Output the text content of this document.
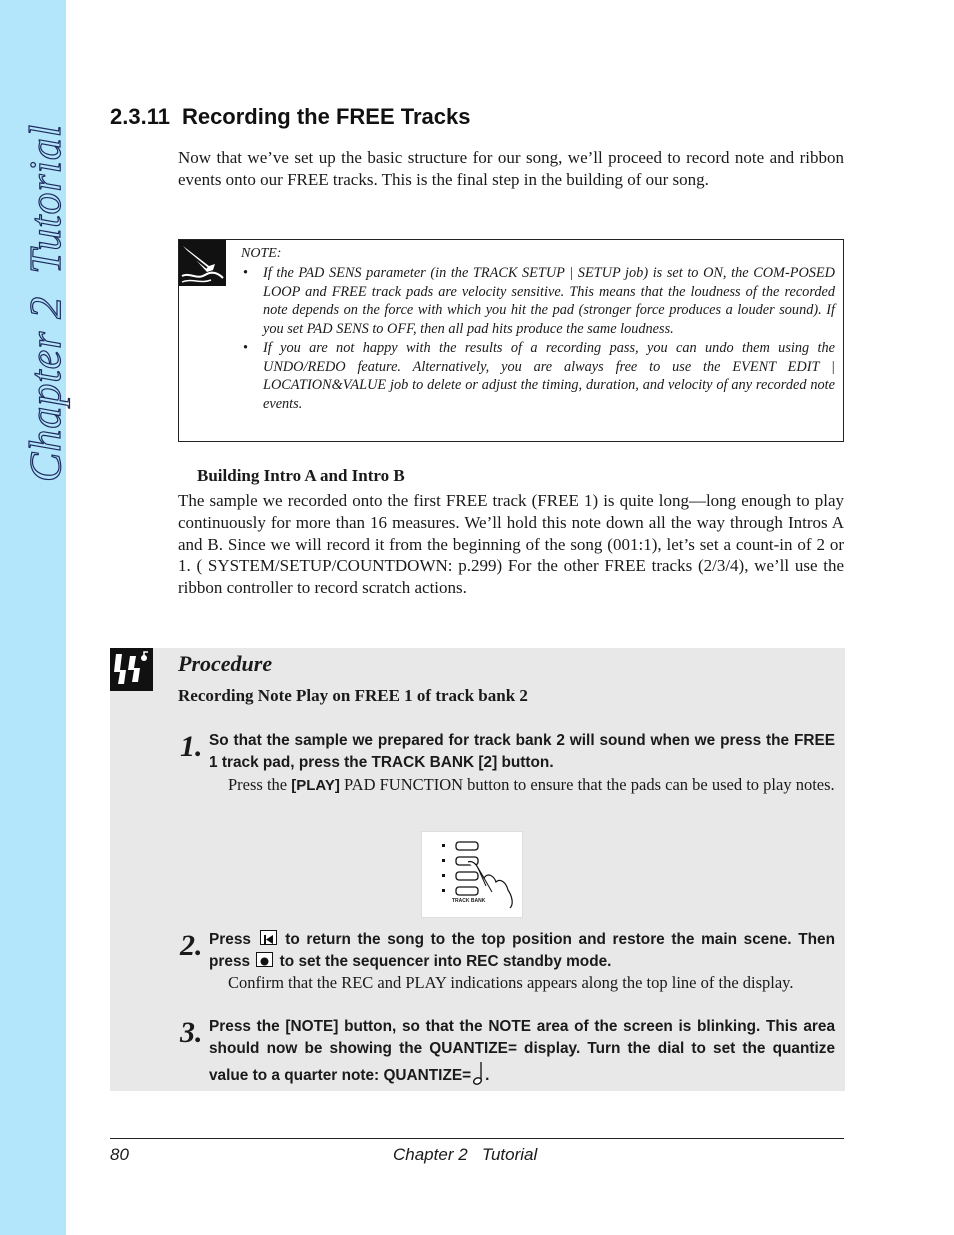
Chapter 2Tutorial
2.3.11 Recording the FREE Tracks

Now that we’ve set up the basic structure for our song, we’ll proceed to record note and ribbon events onto our FREE tracks. This is the final step in the building of our song.

NOTE:
• If the PAD SENS parameter (in the TRACK SETUP | SETUP job) is set to ON, the COM-POSED LOOP and FREE track pads are velocity sensitive. This means that the loudness of the recorded note depends on the force with which you hit the pad (stronger force produces a louder sound). If you set PAD SENS to OFF, then all pad hits produce the same loudness.
• If you are not happy with the results of a recording pass, you can undo them using the UNDO/REDO feature. Alternatively, you are always free to use the EVENT EDIT | LOCATION&VALUE job to delete or adjust the timing, duration, and velocity of any recorded note events.
Building Intro A and Intro B

The sample we recorded onto the first FREE track (FREE 1) is quite long—long enough to play continuously for more than 16 measures. We’ll hold this note down all the way through Intros A and B. Since we will record it from the beginning of the song (001:1), let’s set a count-in of 2 or 1. ( SYSTEM/SETUP/COUNTDOWN: p.299) For the other FREE tracks (2/3/4), we’ll use the ribbon controller to record scratch actions.

Procedure
Recording Note Play on FREE 1 of track bank 2
1. So that the sample we prepared for track bank 2 will sound when we press the FREE 1 track pad, press the TRACK BANK [2] button.
Press the [PLAY] PAD FUNCTION button to ensure that the pads can be used to play notes.
TRACK BANK
2. Press  to return the song to the top position and restore the main scene. Then press  to set the sequencer into REC standby mode.
Confirm that the REC and PLAY indications appears along the top line of the display.
3. Press the [NOTE] button, so that the NOTE area of the screen is blinking. This area should now be showing the QUANTIZE= display. Turn the dial to set the quantize value to a quarter note: QUANTIZE= .
80	Chapter 2   Tutorial
